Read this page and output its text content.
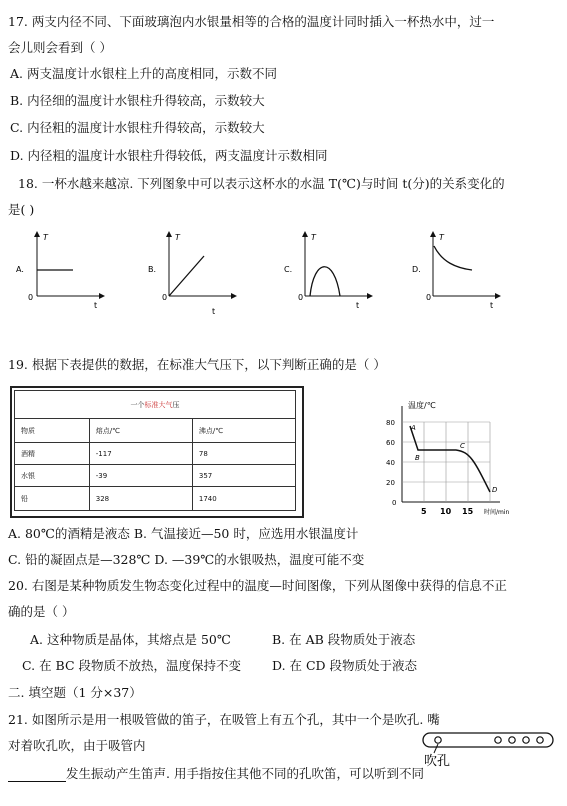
17. 两支内径不同、下面玻璃泡内水银量相等的合格的温度计同时插入一杯热水中，过一
会儿则会看到（ ）
A. 两支温度计水银柱上升的高度相同，示数不同
B. 内径细的温度计水银柱升得较高，示数较大
C. 内径粗的温度计水银柱升得较高，示数较大
D. 内径粗的温度计水银柱升得较低，两支温度计示数相同
18. 一杯水越来越凉. 下列图象中可以表示这杯水的水温 T(℃)与时间 t(分)的关系变化的
是( )
A.
T
0
t
B.
T
0
t
C.
T
0
t
D.
T
0
t
19. 根据下表提供的数据，在标准大气压下，以下判断正确的是（ ）
一个标准大气压		
物质	熔点/℃	沸点/℃
酒精	-117	78
水银	-39	357
铅	328	1740
温度/℃
80
60
40
20
0
5 10 15 时间/min
A
B
C
D
A. 80℃的酒精是液态 B. 气温接近—50 时，应选用水银温度计
C. 铅的凝固点是—328℃ D. —39℃的水银吸热，温度可能不变
20. 右图是某种物质发生物态变化过程中的温度—时间图像，下列从图像中获得的信息不正
确的是（ ）
A. 这种物质是晶体，其熔点是 50℃	B. 在 AB 段物质处于液态
C. 在 BC 段物质不放热，温度保持不变 D. 在 CD 段物质处于液态
二. 填空题（1 分×37）
21. 如图所示是用一根吸管做的笛子，在吸管上有五个孔，其中一个是吹孔. 嘴
对着吹孔吹，由于吸管内
发生振动产生笛声. 用手指按住其他不同的孔吹笛，可以听到不同
吹孔
